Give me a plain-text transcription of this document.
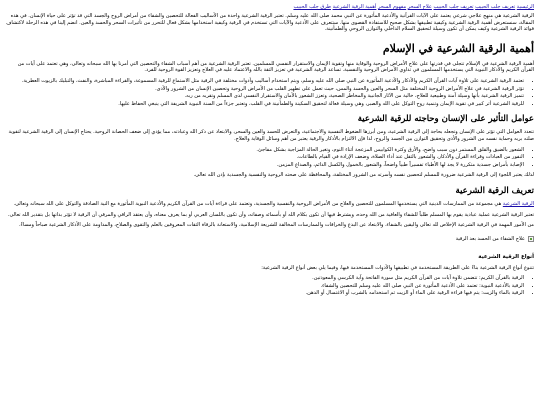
الرئيسية تعريف جلب الحبيب تعريف جلب الحبيب علاج السحر مفهوم السحر أهمية الرقية الشرعية طرق جلب الحبيب

الرقية الشرعية هي منهج علاجي شرعي يعتمد على الآيات القرآنية والأدعية المأثورة عن النبي محمد صلى الله عليه وسلم. تعتبر الرقية الشرعية واحدة من الأساليب الفعالة للتحصين والشفاء من أمراض الروح والجسد التي قد تؤثر على حياة الإنسان. في هذه المقالة، سنستعرض أهمية الرقية الشرعية وكيفية تطبيقها بشكل صحيح للاستفادة القصوى منها. ستتعرف على الأدعية والآيات التي تستخدم في الرقية وكيفية استخدامها بشكل فعال للتحرر من تأثيرات السحر والحسد والعين. انضم إلينا في هذه الرحلة لاكتشاف فوائد الرقية الشرعية وكيف يمكن أن تكون وسيلة لتحقيق السلام الداخلي والتوازن الروحي والطمأنينة.

أهمية الرقية الشرعية في الإسلام

أهمية الرقية الشرعية في الإسلام تتجلى في قدرتها على علاج الأمراض الروحية والوقاية منها وتقوية الإيمان والاستقرار النفسي للمسلمين. تعتبر الرقية الشرعية من أهم أسباب الشفاء والتحصين التي أمرنا بها الله سبحانه وتعالى، وهي تعتمد على آيات من القرآن الكريم والأذكار النبوية التي يستخدمها المسلمون في تداوي الأمراض الروحية والنفسية. تساعد الرقية الشرعية في تعزيز الثقة بالله والاعتماد عليه في العلاج وتعزيز القوة الروحية للفرد.

• تعتمد الرقية الشرعية على تلاوة آيات القرآن الكريم والأذكار والأدعية المأثورة عن النبي صلى الله عليه وسلم، ويتم استخدام أساليب وأدوات مختلفة في الرقية مثل الاستماع للرقية المسموعة، والقراءة المباشرة، والنفث، والتبليك بالزيوت العطرية.
• تؤثر الرقية الشرعية في علاج الأمراض الروحية المختلفة مثل السحر والعين والحسد والمس، حيث تعمل على تطهير القلب من الأمراض الروحية وتحصين الإنسان من الشرور والأذى.
• تتميز الرقية الشرعية بأنها وسيلة آمنة وطبيعية للعلاج، خالية من الآثار الجانبية والمخاطر الصحية، وتعزز الشعور بالأمان والاستقرار النفسي لدى المسلم وتقربه من ربه.
• للرقية الشرعية أثر كبير في تقوية الإيمان وتنمية روح التوكل على الله والصبر، وهي وسيلة فعالة لتحقيق السكينة والطمأنينة في القلب، وتعتبر جزءاً من السنة النبوية الشريفة التي ينبغي الحفاظ عليها.
عوامل التأثير على الإنسان وحاجته للرقية الشرعية

تتعدد العوامل التي تؤثر على الإنسان وتجعله بحاجة إلى الرقية الشرعية، ومن أبرزها الضغوط النفسية والاجتماعية، والتعرض للحسد والعين والسحر، والابتعاد عن ذكر الله وعبادته، مما يؤدي إلى ضعف الحصانة الروحية. يحتاج الإنسان إلى الرقية الشرعية لتقوية صلته بربه وحماية نفسه من الشرور والأذى وتحقيق التوازن بين الجسد والروح، لذا فإن الالتزام بالأذكار والرقية يعتبر من أهم وسائل الوقاية والعلاج.

• الشعور بالضيق والقلق المستمر دون سبب واضح، والأرق وكثرة الكوابيس المزعجة أثناء النوم، وتغير الحالة المزاجية بشكل مفاجئ.
• النفور من العبادات وقراءة القرآن والأذكار، والشعور بالثقل عند أداء الصلاة، وضعف الإرادة في القيام بالطاعات.
• الإصابة بأمراض جسدية متكررة لا يجد لها الأطباء تفسيراً طبياً واضحاً، والشعور بالخمول والكسل الدائم، والصداع المزمن.

لذلك يعتبر اللجوء إلى الرقية الشرعية ضرورة للمسلم لتحصين نفسه وأسرته من الشرور المختلفة، والمحافظة على صحته الروحية والنفسية والجسدية بإذن الله تعالى.

تعريف الرقية الشرعية

الرقية الشرعية هي مجموعة من الممارسات الدينية التي يستخدمها المسلمون للتحصين والعلاج من الأمراض الروحية والنفسية والجسدية، وتعتمد على قراءة آيات من القرآن الكريم والأدعية النبوية المأثورة مع النية الصادقة والتوكل على الله سبحانه وتعالى.

تعتبر الرقية الشرعية عملية عبادية يقوم بها المسلم طلباً للشفاء والعافية من الله وحده، ويشترط فيها أن تكون بكلام الله أو بأسمائه وصفاته، وأن تكون باللسان العربي أو بما يعرف معناه، وأن يعتقد الراقي والمرقي أن الرقية لا تؤثر بذاتها بل بتقدير الله تعالى.

من الأمور المهمة في الرقية الشرعية الإخلاص لله تعالى واليقين بالشفاء، والابتعاد عن البدع والخرافات والممارسات المخالفة للشريعة الإسلامية، والاستعانة بالرقاة الثقات المعروفين بالعلم والتقوى والصلاح، والمداومة على الأذكار الشرعية صباحاً ومساءً.

علاج الشفاء من الحسد بعد الرقية
أنواع الرقية الشرعية

تتنوع أنواع الرقية الشرعية بناءً على الطريقة المستخدمة في تطبيقها والأدوات المستخدمة فيها، وفيما يلي بعض أنواع الرقية الشرعية:

• الرقية بالقرآن الكريم: تتضمن تلاوة آيات من القرآن الكريم مثل سورة الفاتحة وآية الكرسي والمعوذتين.
• الرقية بالأدعية النبوية: تعتمد على الأدعية المأثورة عن النبي صلى الله عليه وسلم للتحصين والشفاء.
• الرقية بالماء والزيت: يتم فيها قراءة الرقية على الماء أو الزيت ثم استخدامه بالشرب أو الاغتسال أو الدهن.
